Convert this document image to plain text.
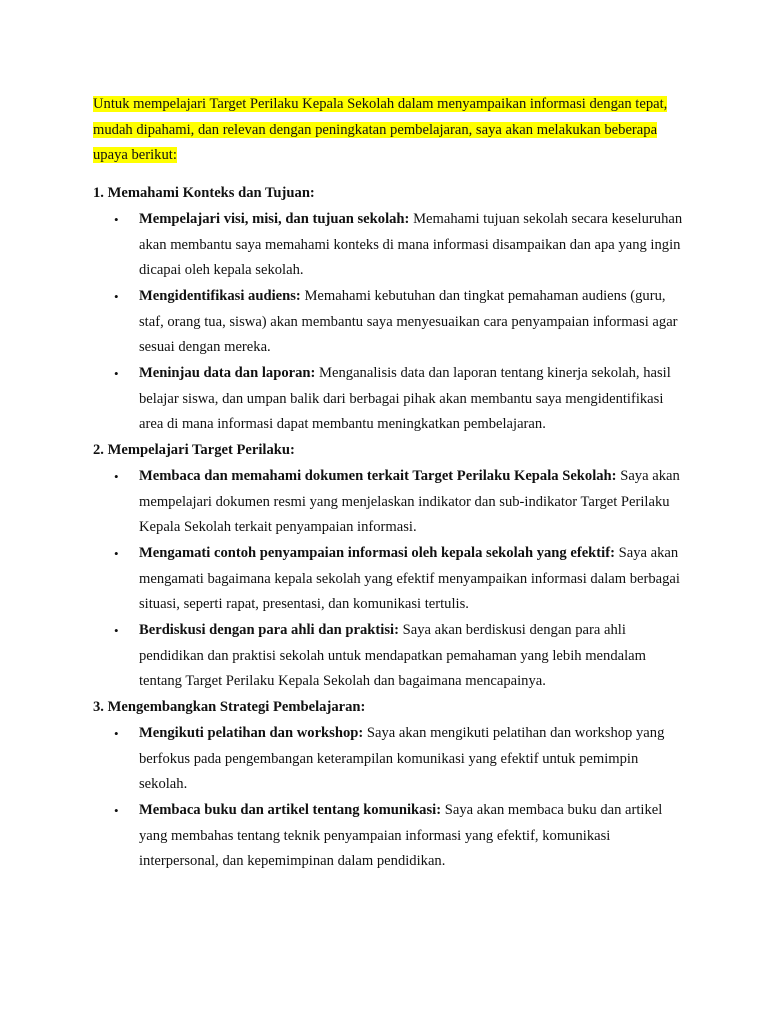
Untuk mempelajari Target Perilaku Kepala Sekolah dalam menyampaikan informasi dengan tepat, mudah dipahami, dan relevan dengan peningkatan pembelajaran, saya akan melakukan beberapa upaya berikut:

1. Memahami Konteks dan Tujuan:

• Mempelajari visi, misi, dan tujuan sekolah: Memahami tujuan sekolah secara keseluruhan akan membantu saya memahami konteks di mana informasi disampaikan dan apa yang ingin dicapai oleh kepala sekolah.
• Mengidentifikasi audiens: Memahami kebutuhan dan tingkat pemahaman audiens (guru, staf, orang tua, siswa) akan membantu saya menyesuaikan cara penyampaian informasi agar sesuai dengan mereka.
• Meninjau data dan laporan: Menganalisis data dan laporan tentang kinerja sekolah, hasil belajar siswa, dan umpan balik dari berbagai pihak akan membantu saya mengidentifikasi area di mana informasi dapat membantu meningkatkan pembelajaran.

2. Mempelajari Target Perilaku:

• Membaca dan memahami dokumen terkait Target Perilaku Kepala Sekolah: Saya akan mempelajari dokumen resmi yang menjelaskan indikator dan sub-indikator Target Perilaku Kepala Sekolah terkait penyampaian informasi.
• Mengamati contoh penyampaian informasi oleh kepala sekolah yang efektif: Saya akan mengamati bagaimana kepala sekolah yang efektif menyampaikan informasi dalam berbagai situasi, seperti rapat, presentasi, dan komunikasi tertulis.
• Berdiskusi dengan para ahli dan praktisi: Saya akan berdiskusi dengan para ahli pendidikan dan praktisi sekolah untuk mendapatkan pemahaman yang lebih mendalam tentang Target Perilaku Kepala Sekolah dan bagaimana mencapainya.

3. Mengembangkan Strategi Pembelajaran:

• Mengikuti pelatihan dan workshop: Saya akan mengikuti pelatihan dan workshop yang berfokus pada pengembangan keterampilan komunikasi yang efektif untuk pemimpin sekolah.
• Membaca buku dan artikel tentang komunikasi: Saya akan membaca buku dan artikel yang membahas tentang teknik penyampaian informasi yang efektif, komunikasi interpersonal, dan kepemimpinan dalam pendidikan.
